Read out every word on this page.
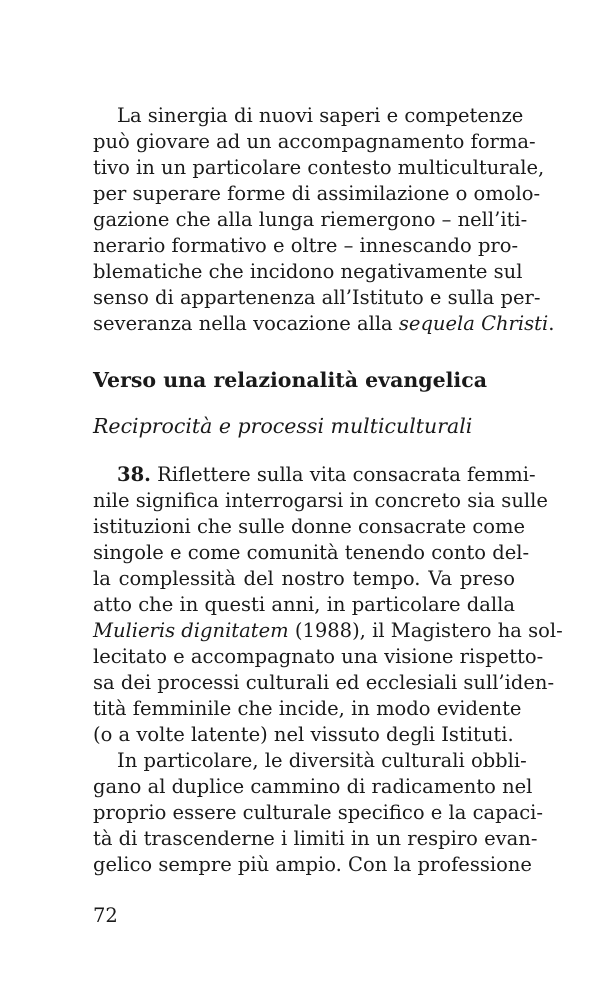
La sinergia di nuovi saperi e competenze
può giovare ad un accompagnamento forma-
tivo in un particolare contesto multiculturale,
per superare forme di assimilazione o omolo-
gazione che alla lunga riemergono – nell’iti-
nerario formativo e oltre – innescando pro-
blematiche che incidono negativamente sul
senso di appartenenza all’Istituto e sulla per-
severanza nella vocazione alla sequela Christi.
Verso una relazionalità evangelica
Reciprocità e processi multiculturali
38. Riflettere sulla vita consacrata femmi-
nile significa interrogarsi in concreto sia sulle
istituzioni che sulle donne consacrate come
singole e come comunità tenendo conto del-
la complessità del nostro tempo. Va preso
atto che in questi anni, in particolare dalla
Mulieris dignitatem (1988), il Magistero ha sol-
lecitato e accompagnato una visione rispetto-
sa dei processi culturali ed ecclesiali sull’iden-
tità femminile che incide, in modo evidente
(o a volte latente) nel vissuto degli Istituti.
In particolare, le diversità culturali obbli-
gano al duplice cammino di radicamento nel
proprio essere culturale specifico e la capaci-
tà di trascenderne i limiti in un respiro evan-
gelico sempre più ampio. Con la professione
72
